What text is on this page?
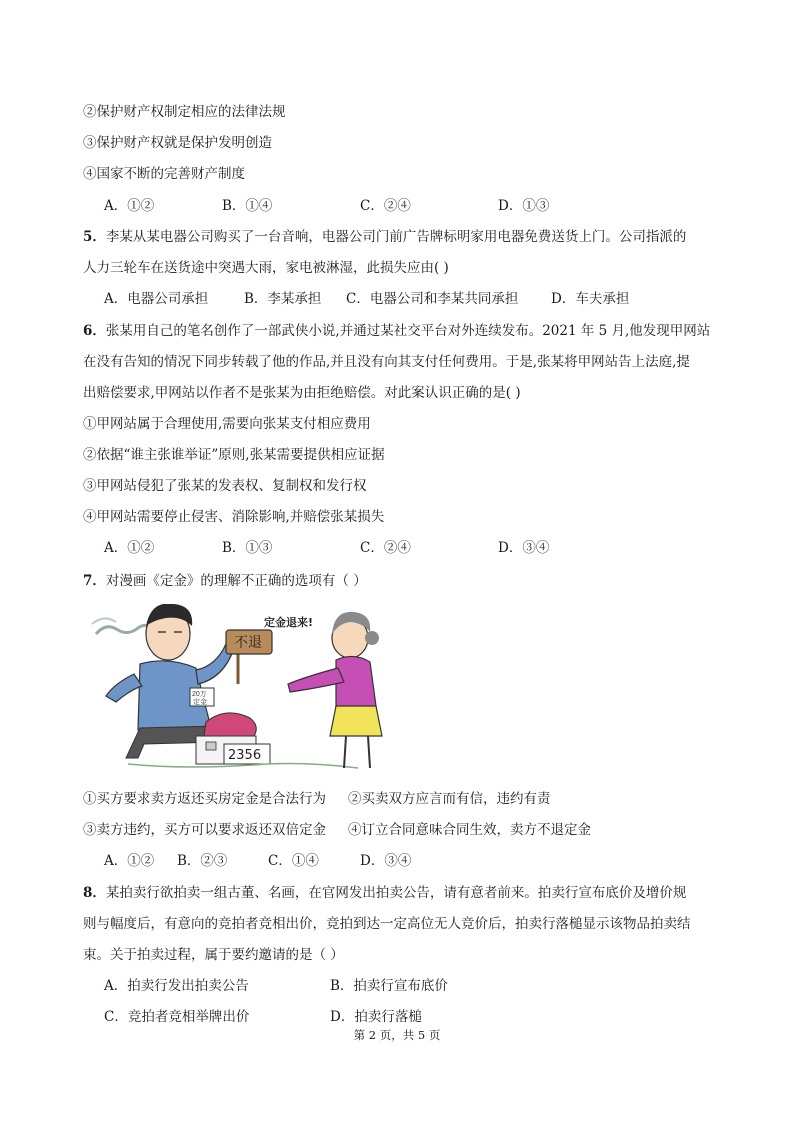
②保护财产权制定相应的法律法规
③保护财产权就是保护发明创造
④国家不断的完善财产制度
A．①②	B．①④	C．②④	D．①③
5．李某从某电器公司购买了一台音响，电器公司门前广告牌标明家用电器免费送货上门。公司指派的
人力三轮车在送货途中突遇大雨，家电被淋湿，此损失应由( )
A．电器公司承担	B．李某承担 C．电器公司和李某共同承担 D．车夫承担
6．张某用自己的笔名创作了一部武侠小说,并通过某社交平台对外连续发布。2021 年 5 月,他发现甲网站
在没有告知的情况下同步转载了他的作品,并且没有向其支付任何费用。于是,张某将甲网站告上法庭,提
出赔偿要求,甲网站以作者不是张某为由拒绝赔偿。对此案认识正确的是( )
①甲网站属于合理使用,需要向张某支付相应费用
②依据“谁主张谁举证”原则,张某需要提供相应证据
③甲网站侵犯了张某的发表权、复制权和发行权
④甲网站需要停止侵害、消除影响,并赔偿张某损失
A．①②	B．①③	C．②④	D．③④
7．对漫画《定金》的理解不正确的选项有（ ）
20万
定金
不退
2356
定金退来!
①买方要求卖方返还买房定金是合法行为 ②买卖双方应言而有信，违约有责
③卖方违约，买方可以要求返还双倍定金 ④订立合同意味合同生效，卖方不退定金
A．①② B．②③	C．①④	D．③④
8．某拍卖行欲拍卖一组古董、名画，在官网发出拍卖公告，请有意者前来。拍卖行宣布底价及增价规
则与幅度后，有意向的竞拍者竞相出价，竞拍到达一定高位无人竞价后，拍卖行落槌显示该物品拍卖结
束。关于拍卖过程，属于要约邀请的是（ ）
A．拍卖行发出拍卖公告	B．拍卖行宣布底价
C．竞拍者竞相举牌出价	D．拍卖行落槌
第 2 页，共 5 页
